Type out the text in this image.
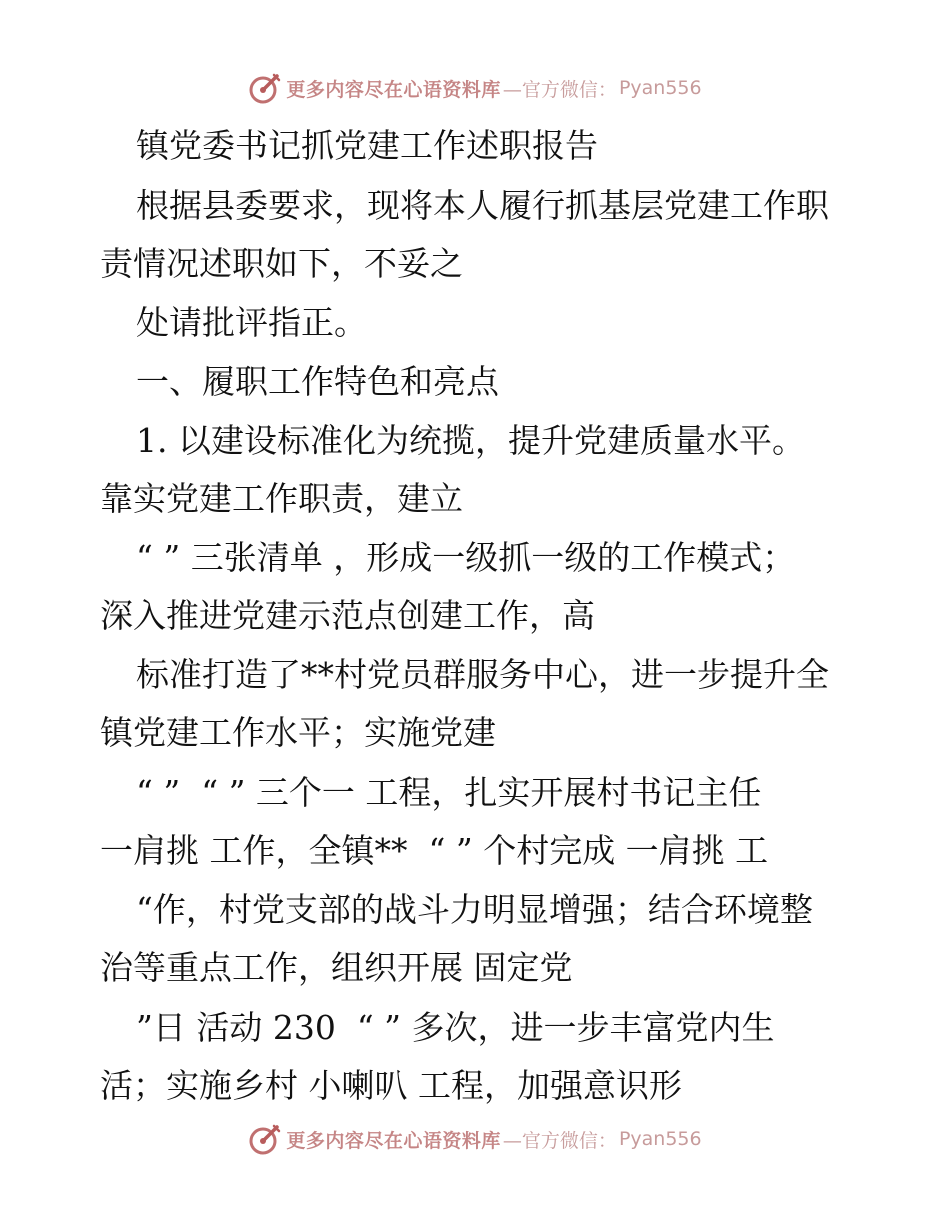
更多内容尽在心语资料库 —官方微信： Pyan556
镇党委书记抓党建工作述职报告
根据县委要求，现将本人履行抓基层党建工作职
责情况述职如下，不妥之
处请批评指正。
一、履职工作特色和亮点
1. 以建设标准化为统揽，提升党建质量水平。
靠实党建工作职责，建立
“ ” 三张清单 ，形成一级抓一级的工作模式；
深入推进党建示范点创建工作，高
标准打造了**村党员群服务中心，进一步提升全
镇党建工作水平；实施党建
“ ”  “ ” 三个一 工程，扎实开展村书记主任
一肩挑 工作，全镇**  “ ” 个村完成 一肩挑 工
“作，村党支部的战斗力明显增强；结合环境整
治等重点工作，组织开展 固定党
”日 活动 230  “ ” 多次，进一步丰富党内生
活；实施乡村 小喇叭 工程，加强意识形
更多内容尽在心语资料库 —官方微信： Pyan556
